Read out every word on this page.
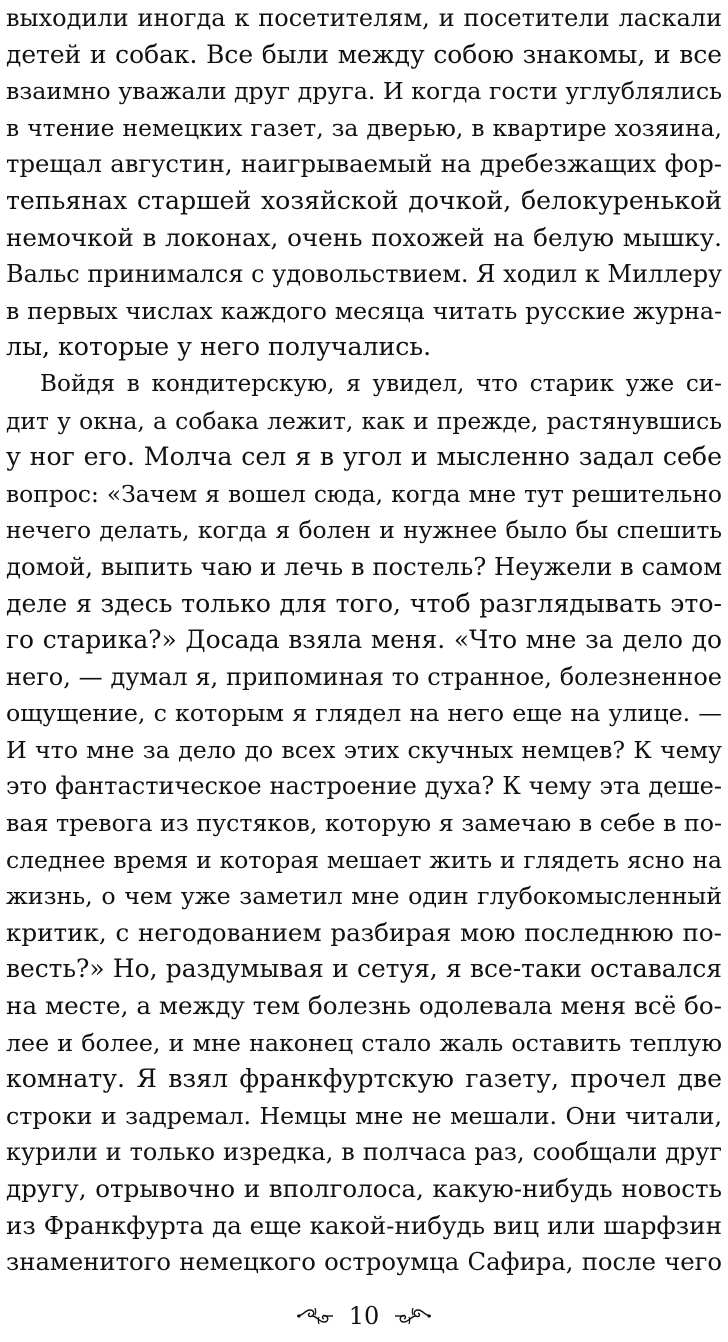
выходили иногда к посетителям, и посетители ласкали
детей и собак. Все были между собою знакомы, и все
взаимно уважали друг друга. И когда гости углублялись
в чтение немецких газет, за дверью, в квартире хозяина,
трещал августин, наигрываемый на дребезжащих фор-
тепьянах старшей хозяйской дочкой, белокуренькой
немочкой в локонах, очень похожей на белую мышку.
Вальс принимался с удовольствием. Я ходил к Миллеру
в первых числах каждого месяца читать русские журна-
лы, которые у него получались.
Войдя в кондитерскую, я увидел, что старик уже си-
дит у окна, а собака лежит, как и прежде, растянувшись
у ног его. Молча сел я в угол и мысленно задал себе
вопрос: «Зачем я вошел сюда, когда мне тут решительно
нечего делать, когда я болен и нужнее было бы спешить
домой, выпить чаю и лечь в постель? Неужели в самом
деле я здесь только для того, чтоб разглядывать это-
го старика?» Досада взяла меня. «Что мне за дело до
него, — думал я, припоминая то странное, болезненное
ощущение, с которым я глядел на него еще на улице. —
И что мне за дело до всех этих скучных немцев? К чему
это фантастическое настроение духа? К чему эта деше-
вая тревога из пустяков, которую я замечаю в себе в по-
следнее время и которая мешает жить и глядеть ясно на
жизнь, о чем уже заметил мне один глубокомысленный
критик, с негодованием разбирая мою последнюю по-
весть?» Но, раздумывая и сетуя, я все-таки оставался
на месте, а между тем болезнь одолевала меня всё бо-
лее и более, и мне наконец стало жаль оставить теплую
комнату. Я взял франкфуртскую газету, прочел две
строки и задремал. Немцы мне не мешали. Они читали,
курили и только изредка, в полчаса раз, сообщали друг
другу, отрывочно и вполголоса, какую-нибудь новость
из Франкфурта да еще какой-нибудь виц или шарфзин
знаменитого немецкого остроумца Сафира, после чего
10
